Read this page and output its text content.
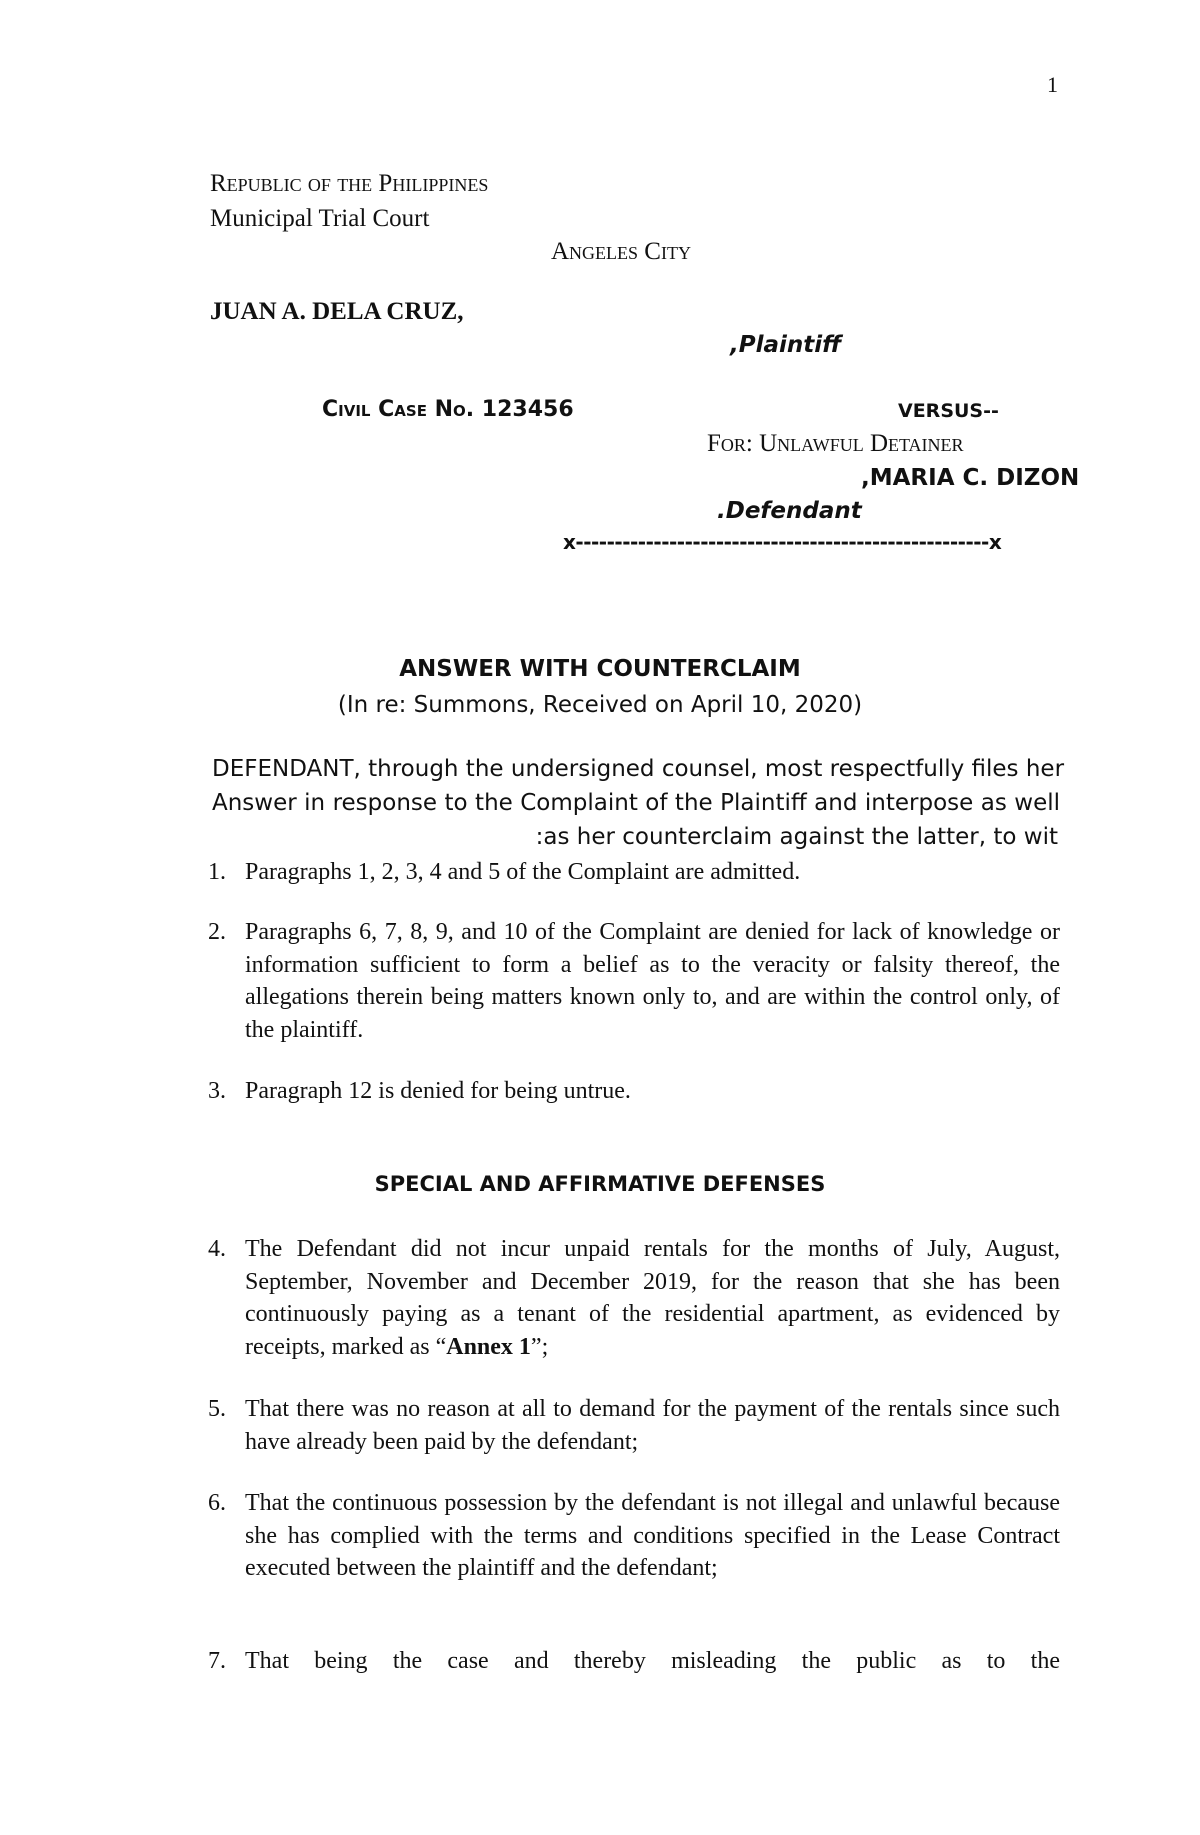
1
Republic of the Philippines
Municipal Trial Court
Angeles City
JUAN A. DELA CRUZ,
,Plaintiff
Civil Case No. 123456	VERSUS--
For: Unlawful Detainer
,MARIA C. DIZON
.Defendant
x-----------------------------------------------------x
ANSWER WITH COUNTERCLAIM
(In re: Summons, Received on April 10, 2020)
DEFENDANT, through the undersigned counsel, most respectfully files her
Answer in response to the Complaint of the Plaintiff and interpose as well
:as her counterclaim against the latter, to wit
1. Paragraphs 1, 2, 3, 4 and 5 of the Complaint are admitted.
2. Paragraphs 6, 7, 8, 9, and 10 of the Complaint are denied for lack of knowledge or information sufficient to form a belief as to the veracity or falsity thereof, the allegations therein being matters known only to, and are within the control only, of the plaintiff.
3. Paragraph 12 is denied for being untrue.
SPECIAL AND AFFIRMATIVE DEFENSES
4. The Defendant did not incur unpaid rentals for the months of July, August, September, November and December 2019, for the reason that she has been continuously paying as a tenant of the residential apartment, as evidenced by receipts, marked as “Annex 1”;
5. That there was no reason at all to demand for the payment of the rentals since such have already been paid by the defendant;
6. That the continuous possession by the defendant is not illegal and unlawful because she has complied with the terms and conditions specified in the Lease Contract executed between the plaintiff and the defendant;
7. That being the case and thereby misleading the public as to the
